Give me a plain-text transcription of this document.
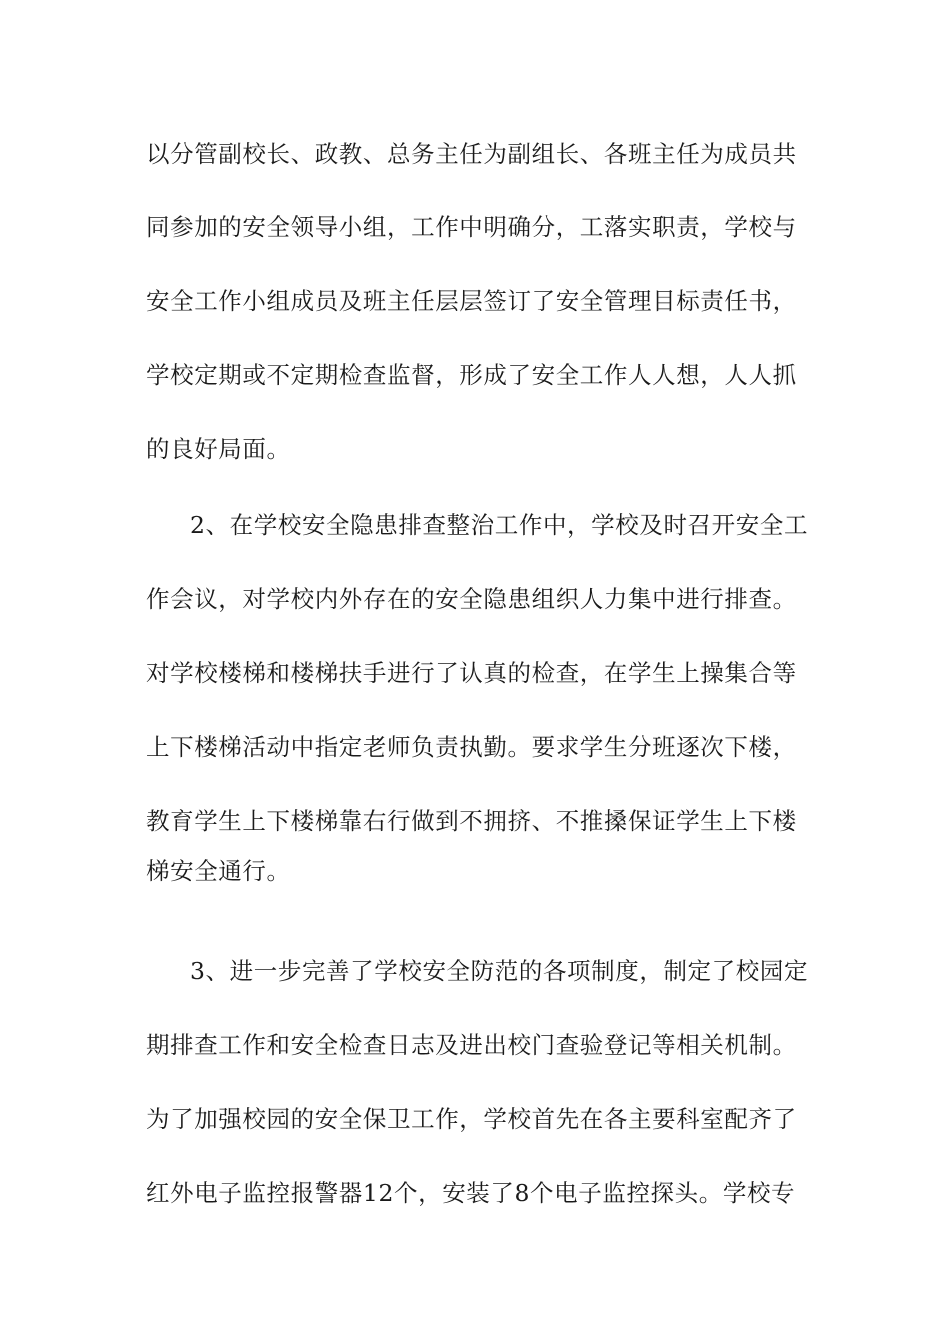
以分管副校长、政教、总务主任为副组长、各班主任为成员共
同参加的安全领导小组，工作中明确分，工落实职责，学校与
安全工作小组成员及班主任层层签订了安全管理目标责任书，
学校定期或不定期检查监督，形成了安全工作人人想，人人抓
的良好局面。
2、在学校安全隐患排查整治工作中，学校及时召开安全工
作会议，对学校内外存在的安全隐患组织人力集中进行排查。
对学校楼梯和楼梯扶手进行了认真的检查，在学生上操集合等
上下楼梯活动中指定老师负责执勤。要求学生分班逐次下楼，
教育学生上下楼梯靠右行做到不拥挤、不推搡保证学生上下楼
梯安全通行。
3、进一步完善了学校安全防范的各项制度，制定了校园定
期排查工作和安全检查日志及进出校门查验登记等相关机制。
为了加强校园的安全保卫工作，学校首先在各主要科室配齐了
红外电子监控报警器12个，安装了8个电子监控探头。学校专
